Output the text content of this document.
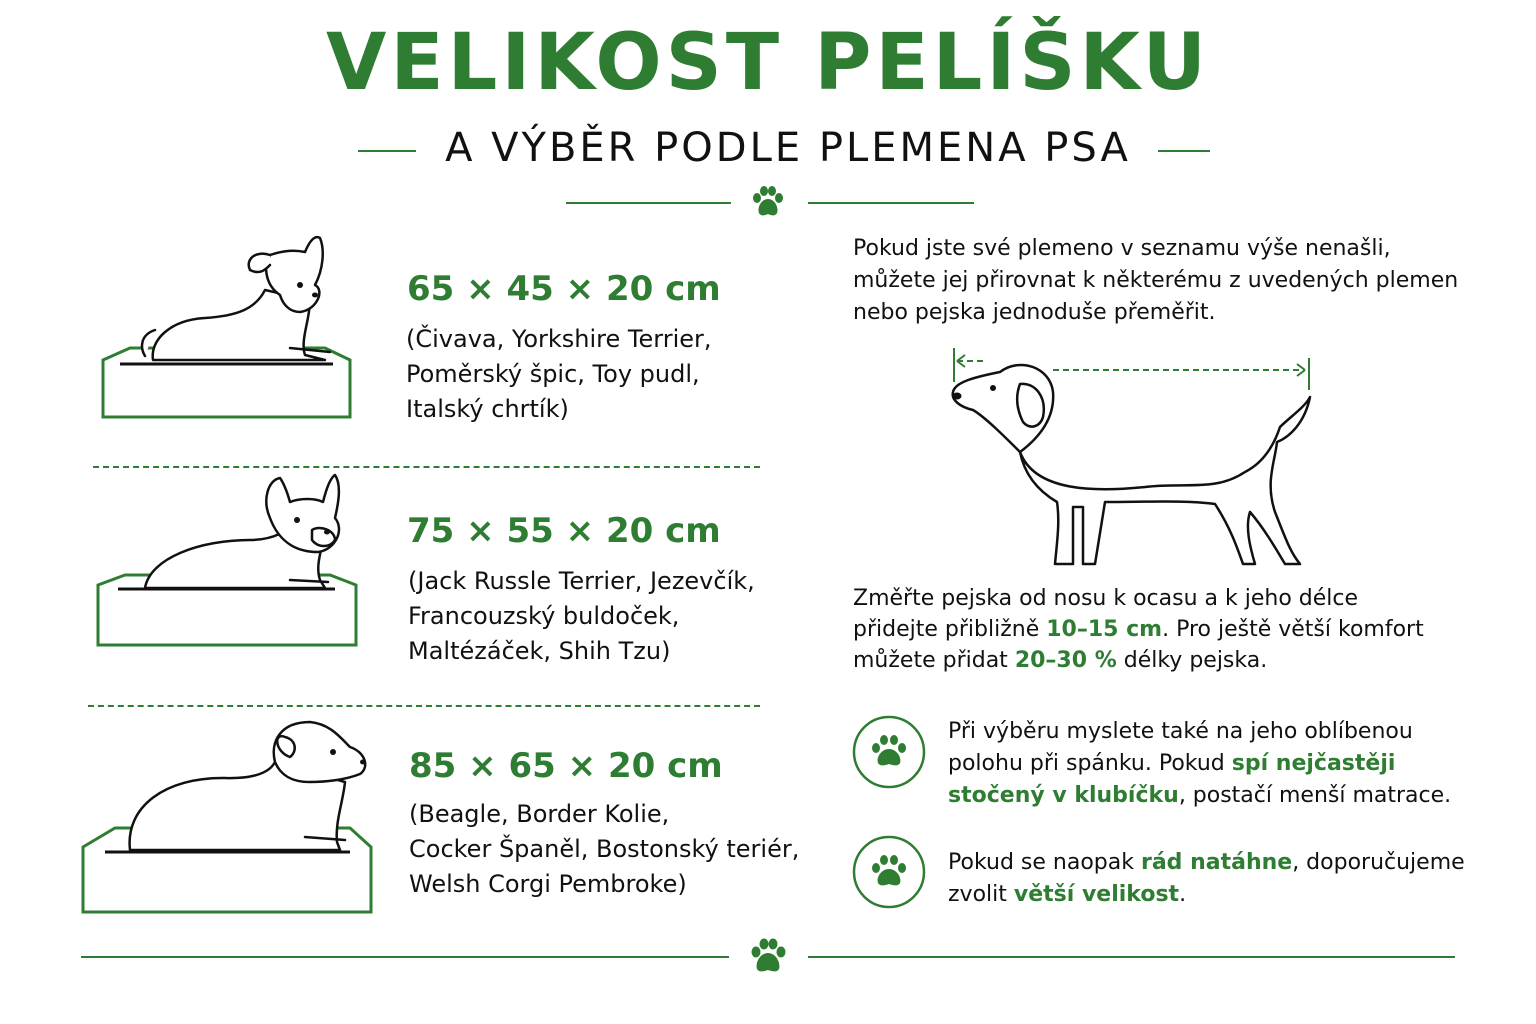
VELIKOST PELÍŠKU
A VÝBĚR PODLE PLEMENA PSA
65 × 45 × 20 cm
(Čivava, Yorkshire Terrier,
Poměrský špic, Toy pudl,
Italský chrtík)
75 × 55 × 20 cm
(Jack Russle Terrier, Jezevčík,
Francouzský buldoček,
Maltézáček, Shih Tzu)
85 × 65 × 20 cm
(Beagle, Border Kolie,
Cocker Španěl, Bostonský teriér,
Welsh Corgi Pembroke)
Pokud jste své plemeno v seznamu výše nenašli,
můžete jej přirovnat k některému z uvedených plemen
nebo pejska jednoduše přeměřit.
Změřte pejska od nosu k ocasu a k jeho délce
přidejte přibližně 10–15 cm. Pro ještě větší komfort
můžete přidat 20–30 % délky pejska.
Při výběru myslete také na jeho oblíbenou
polohu při spánku. Pokud spí nejčastěji
stočený v klubíčku, postačí menší matrace.
Pokud se naopak rád natáhne, doporučujeme
zvolit větší velikost.
